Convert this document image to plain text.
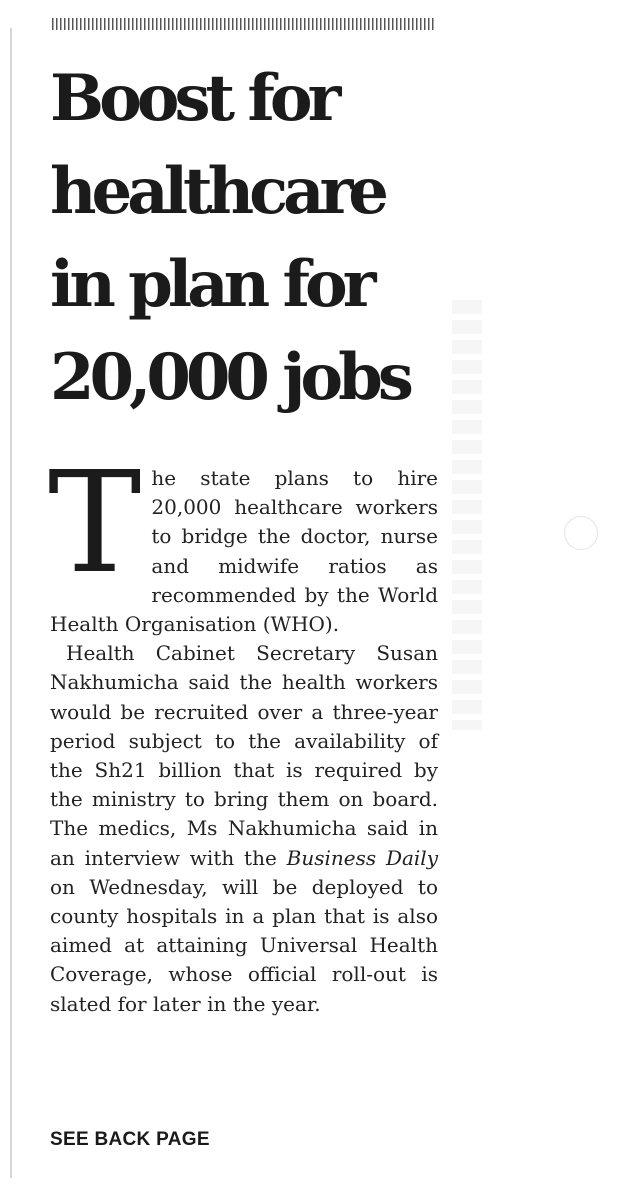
Boost for
healthcare
in plan for
20,000 jobs

The state plans to hire 20,000 healthcare workers to bridge the doctor, nurse and midwife ratios as recommended by the World Health Organisation (WHO).

Health Cabinet Secretary Susan Nakhumicha said the health workers would be recruited over a three-year period subject to the availability of the Sh21 billion that is required by the ministry to bring them on board. The medics, Ms Nakhumicha said in an interview with the Business Daily on Wednesday, will be deployed to county hospitals in a plan that is also aimed at attaining Universal Health Coverage, whose official roll-out is slated for later in the year.

SEE BACK PAGE
